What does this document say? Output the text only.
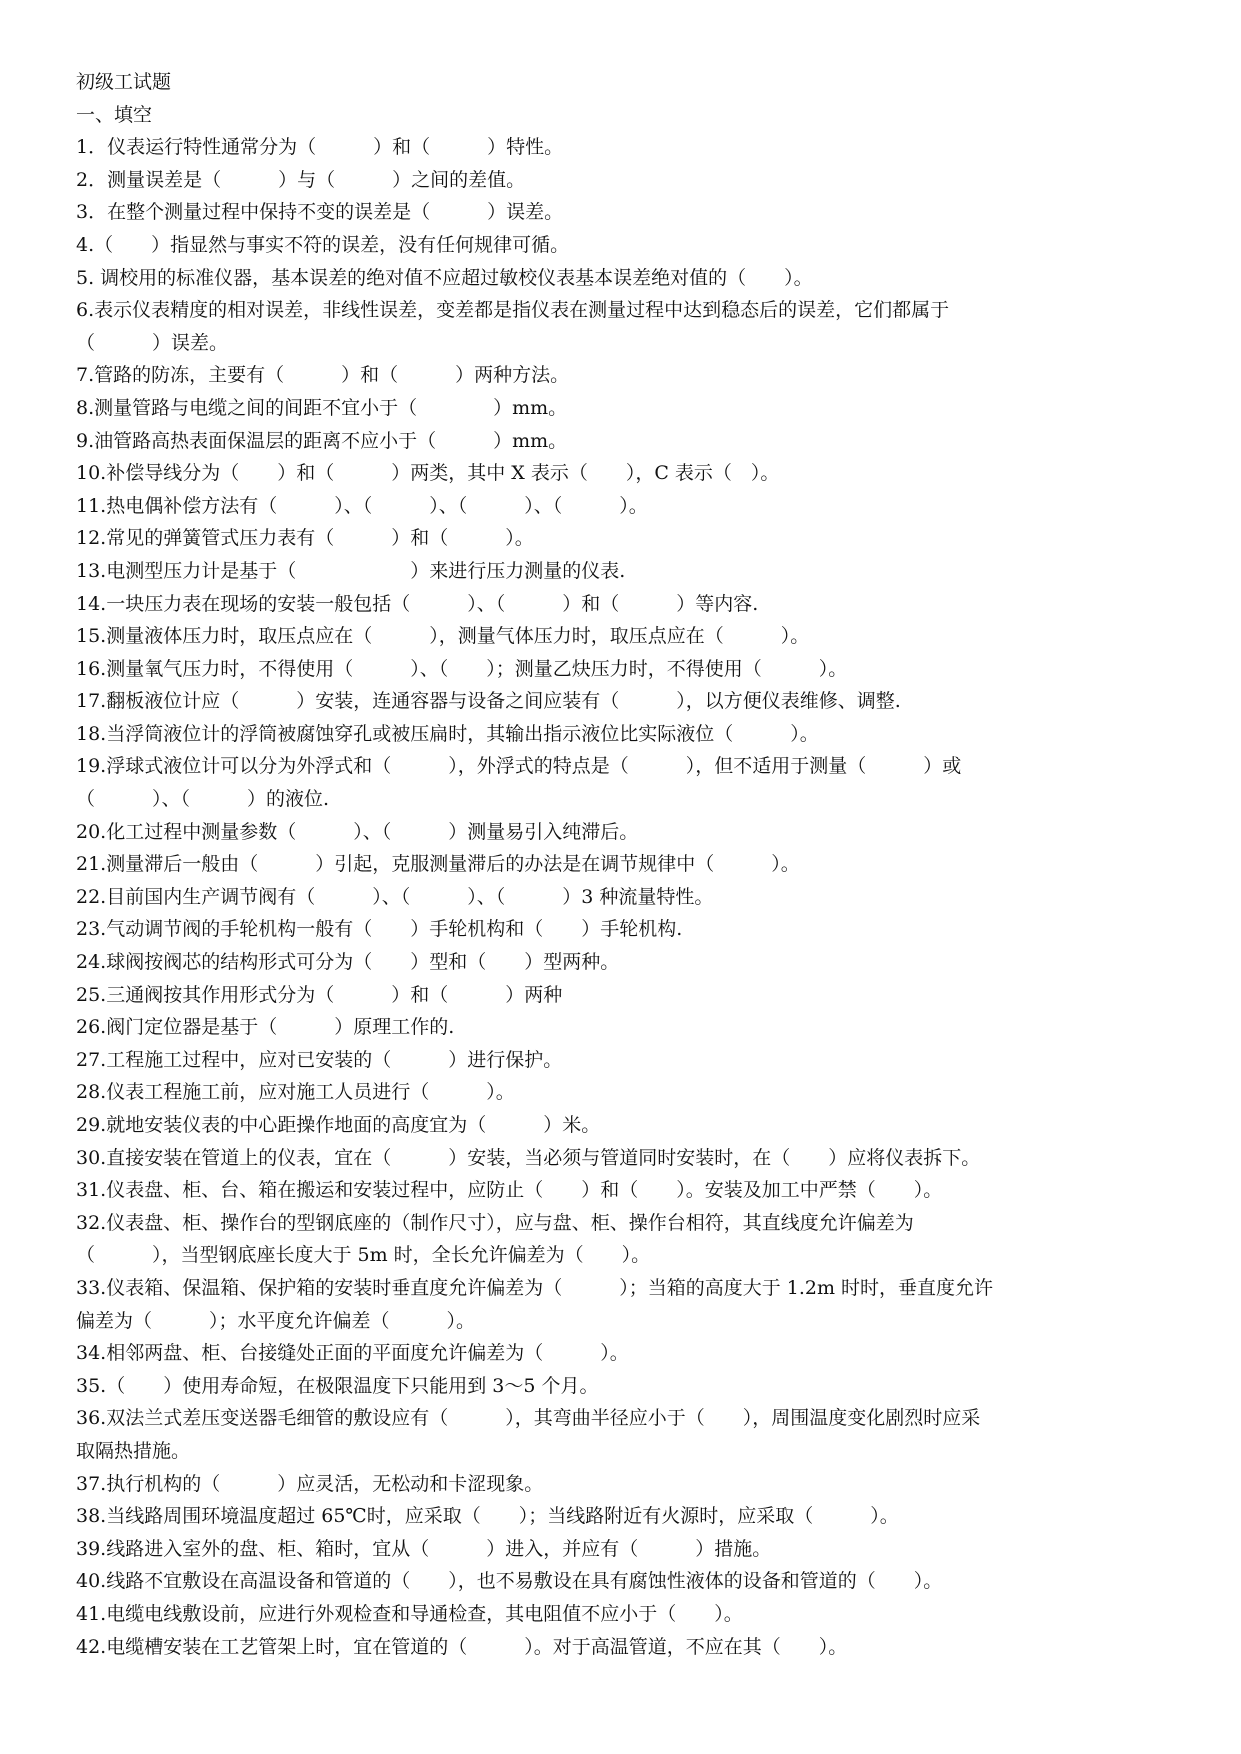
初级工试题
一、填空
1．仪表运行特性通常分为（　　　）和（　　　）特性。
2．测量误差是（　　　）与（　　　）之间的差值。
3．在整个测量过程中保持不变的误差是（　　　）误差。
4.（　　）指显然与事实不符的误差，没有任何规律可循。
5. 调校用的标准仪器，基本误差的绝对值不应超过敏校仪表基本误差绝对值的（　　）。
6.表示仪表精度的相对误差，非线性误差，变差都是指仪表在测量过程中达到稳态后的误差，它们都属于
（　　　）误差。
7.管路的防冻，主要有（　　　）和（　　　）两种方法。
8.测量管路与电缆之间的间距不宜小于（　　　　）mm。
9.油管路高热表面保温层的距离不应小于（　　　）mm。
10.补偿导线分为（　　）和（　　　）两类，其中 X 表示（　　），C 表示（　）。
11.热电偶补偿方法有（　　　）、（　　　）、（　　　）、（　　　）。
12.常见的弹簧管式压力表有（　　　）和（　　　）。
13.电测型压力计是基于（　　　　　　）来进行压力测量的仪表.
14.一块压力表在现场的安装一般包括（　　　）、（　　　）和（　　　）等内容.
15.测量液体压力时，取压点应在（　　　），测量气体压力时，取压点应在（　　　）。
16.测量氧气压力时，不得使用（　　　）、（　　）；测量乙炔压力时，不得使用（　　　）。
17.翻板液位计应（　　　）安装，连通容器与设备之间应装有（　　　），以方便仪表维修、调整.
18.当浮筒液位计的浮筒被腐蚀穿孔或被压扁时，其输出指示液位比实际液位（　　　）。
19.浮球式液位计可以分为外浮式和（　　　），外浮式的特点是（　　　），但不适用于测量（　　　）或
（　　　）、（　　　）的液位.
20.化工过程中测量参数（　　　）、（　　　）测量易引入纯滞后。
21.测量滞后一般由（　　　）引起，克服测量滞后的办法是在调节规律中（　　　）。
22.目前国内生产调节阀有（　　　）、（　　　）、（　　　）3 种流量特性。
23.气动调节阀的手轮机构一般有（　　）手轮机构和（　　）手轮机构.
24.球阀按阀芯的结构形式可分为（　　）型和（　　）型两种。
25.三通阀按其作用形式分为（　　　）和（　　　）两种
26.阀门定位器是基于（　　　）原理工作的.
27.工程施工过程中，应对已安装的（　　　）进行保护。
28.仪表工程施工前，应对施工人员进行（　　　）。
29.就地安装仪表的中心距操作地面的高度宜为（　　　）米。
30.直接安装在管道上的仪表，宜在（　　　）安装，当必须与管道同时安装时，在（　　）应将仪表拆下。
31.仪表盘、柜、台、箱在搬运和安装过程中，应防止（　　）和（　　）。安装及加工中严禁（　　）。
32.仪表盘、柜、操作台的型钢底座的（制作尺寸），应与盘、柜、操作台相符，其直线度允许偏差为
（　　　），当型钢底座长度大于 5m 时，全长允许偏差为（　　）。
33.仪表箱、保温箱、保护箱的安装时垂直度允许偏差为（　　　）；当箱的高度大于 1.2m 时时，垂直度允许
偏差为（　　　）；水平度允许偏差（　　　）。
34.相邻两盘、柜、台接缝处正面的平面度允许偏差为（　　　）。
35.（　　）使用寿命短，在极限温度下只能用到 3～5 个月。
36.双法兰式差压变送器毛细管的敷设应有（　　　），其弯曲半径应小于（　　），周围温度变化剧烈时应采
取隔热措施。
37.执行机构的（　　　）应灵活，无松动和卡涩现象。
38.当线路周围环境温度超过 65℃时，应采取（　　）；当线路附近有火源时，应采取（　　　）。
39.线路进入室外的盘、柜、箱时，宜从（　　　）进入，并应有（　　　）措施。
40.线路不宜敷设在高温设备和管道的（　　），也不易敷设在具有腐蚀性液体的设备和管道的（　　）。
41.电缆电线敷设前，应进行外观检查和导通检查，其电阻值不应小于（　　）。
42.电缆槽安装在工艺管架上时，宜在管道的（　　　）。对于高温管道，不应在其（　　）。
